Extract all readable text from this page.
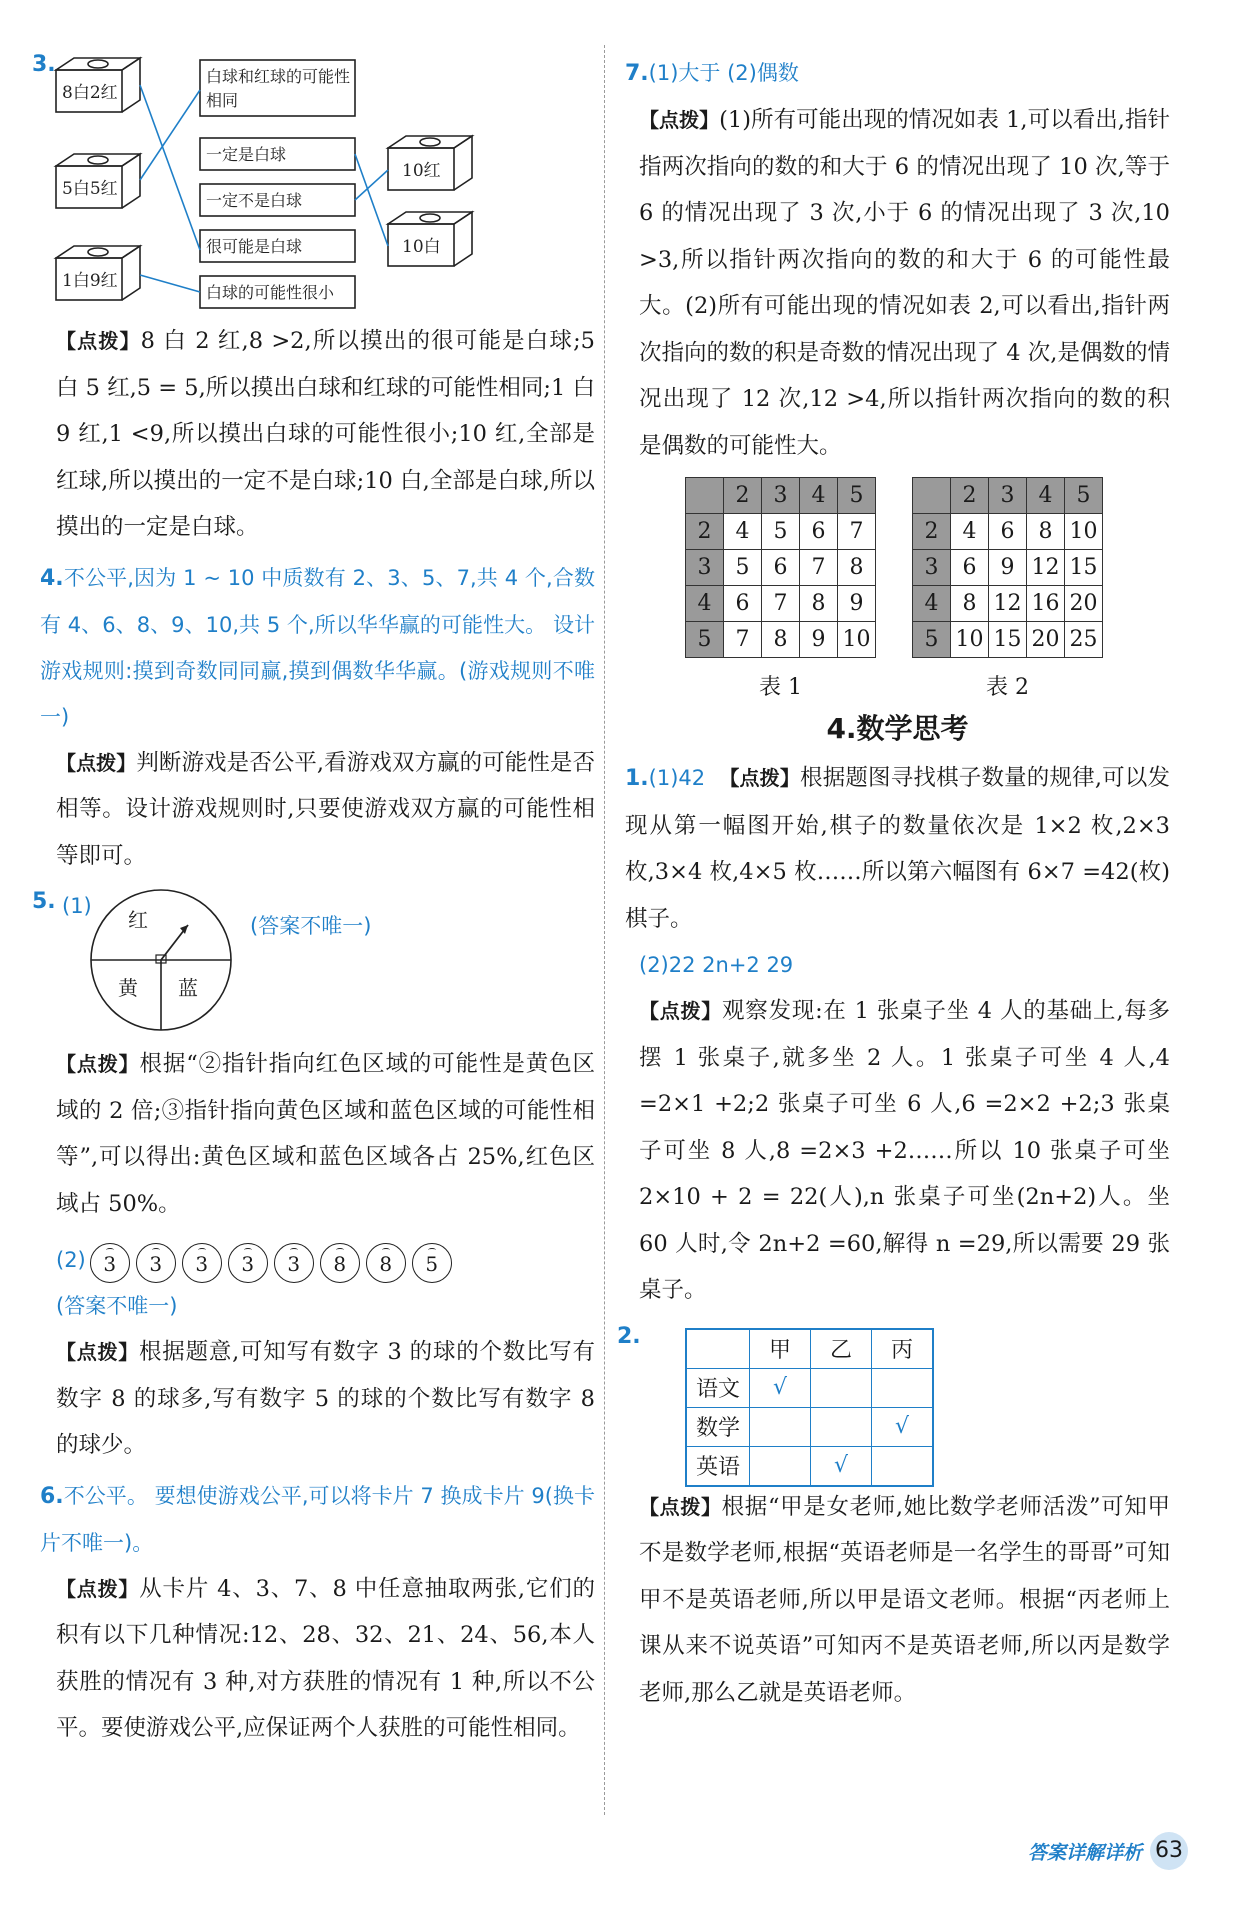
3.
8白2红
5白5红
1白9红
10红
10白
白球和红球的可能性
相同
一定是白球
一定不是白球
很可能是白球
白球的可能性很小

【点拨】8 白 2 红,8 >2,所以摸出的很可能是白球;5 白 5 红,5 = 5,所以摸出白球和红球的可能性相同;1 白 9 红,1 <9,所以摸出白球的可能性很小;10 红,全部是红球,所以摸出的一定不是白球;10 白,全部是白球,所以摸出的一定是白球。

4.不公平,因为 1 ~ 10 中质数有 2、3、5、7,共 4 个,合数有 4、6、8、9、10,共 5 个,所以华华赢的可能性大。 设计游戏规则:摸到奇数同同赢,摸到偶数华华赢。(游戏规则不唯一)

【点拨】判断游戏是否公平,看游戏双方赢的可能性是否相等。设计游戏规则时,只要使游戏双方赢的可能性相等即可。

5. (1)
红
黄 蓝
(答案不唯一)

【点拨】根据“②指针指向红色区域的可能性是黄色区域的 2 倍;③指针指向黄色区域和蓝色区域的可能性相等”,可以得出:黄色区域和蓝色区域各占 25%,红色区域占 50%。

(2) 3 3 3 3 3 8 8 5

(答案不唯一)

【点拨】根据题意,可知写有数字 3 的球的个数比写有数字 8 的球多,写有数字 5 的球的个数比写有数字 8 的球少。

6.不公平。 要想使游戏公平,可以将卡片 7 换成卡片 9(换卡片不唯一)。

【点拨】从卡片 4、3、7、8 中任意抽取两张,它们的积有以下几种情况:12、28、32、21、24、56,本人获胜的情况有 3 种,对方获胜的情况有 1 种,所以不公平。要使游戏公平,应保证两个人获胜的可能性相同。

7.(1)大于 (2)偶数

【点拨】(1)所有可能出现的情况如表 1,可以看出,指针指两次指向的数的和大于 6 的情况出现了 10 次,等于 6 的情况出现了 3 次,小于 6 的情况出现了 3 次,10 >3,所以指针两次指向的数的和大于 6 的可能性最大。(2)所有可能出现的情况如表 2,可以看出,指针两次指向的数的积是奇数的情况出现了 4 次,是偶数的情况出现了 12 次,12 >4,所以指针两次指向的数的积是偶数的可能性大。

	2	3	4	5
2	4	5	6	7
3	5	6	7	8
4	6	7	8	9
5	7	8	9	10
表 1
	2	3	4	5
2	4	6	8	10
3	6	9	12	15
4	8	12	16	20
5	10	15	20	25
表 2
4.数学思考

1.(1)42 【点拨】根据题图寻找棋子数量的规律,可以发现从第一幅图开始,棋子的数量依次是 1×2 枚,2×3 枚,3×4 枚,4×5 枚……所以第六幅图有 6×7 =42(枚)棋子。

(2)22 2n+2 29

【点拨】观察发现:在 1 张桌子坐 4 人的基础上,每多摆 1 张桌子,就多坐 2 人。1 张桌子可坐 4 人,4 =2×1 +2;2 张桌子可坐 6 人,6 =2×2 +2;3 张桌子可坐 8 人,8 =2×3 +2……所以 10 张桌子可坐 2×10 + 2 = 22(人),n 张桌子可坐(2n+2)人。坐 60 人时,令 2n+2 =60,解得 n =29,所以需要 29 张桌子。

2.
	甲	乙	丙
语文	√		
数学			√
英语		√	

【点拨】根据“甲是女老师,她比数学老师活泼”可知甲不是数学老师,根据“英语老师是一名学生的哥哥”可知甲不是英语老师,所以甲是语文老师。根据“丙老师上课从来不说英语”可知丙不是英语老师,所以丙是数学老师,那么乙就是英语老师。

答案详解详析 63
